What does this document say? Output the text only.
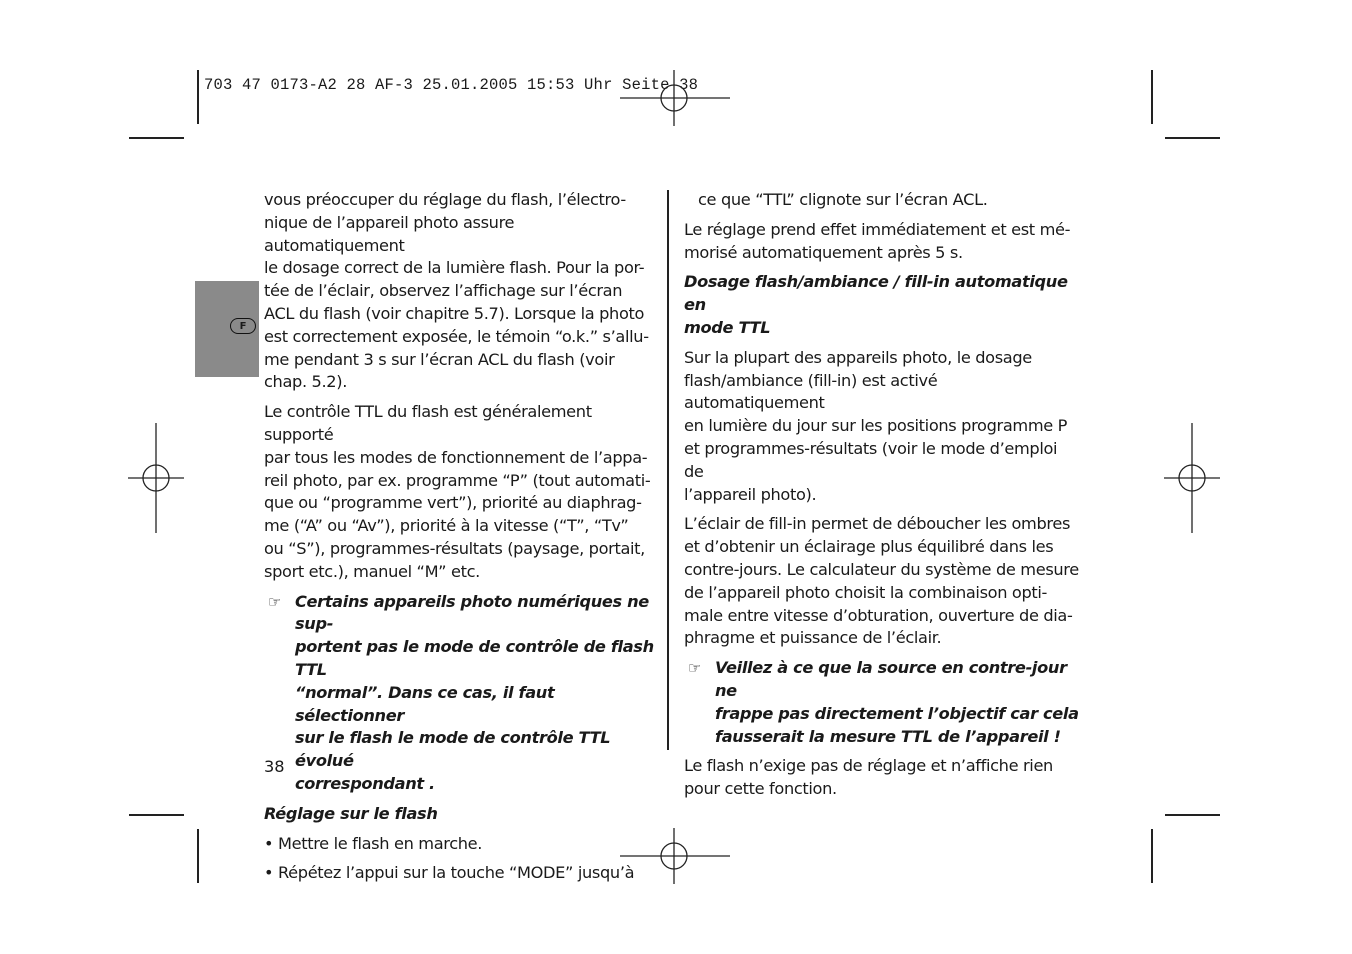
703 47 0173-A2 28 AF-3 25.01.2005 15:53 Uhr Seite 38
F

vous préoccuper du réglage du flash, l’électro-
nique de l’appareil photo assure automatiquement
le dosage correct de la lumière flash. Pour la por-
tée de l’éclair, observez l’affichage sur l’écran
ACL du flash (voir chapitre 5.7). Lorsque la photo
est correctement exposée, le témoin “o.k.” s’allu-
me pendant 3 s sur l’écran ACL du flash (voir
chap. 5.2).

Le contrôle TTL du flash est généralement supporté
par tous les modes de fonctionnement de l’appa-
reil photo, par ex. programme “P” (tout automati-
que ou “programme vert”), priorité au diaphrag-
me (“A” ou “Av”), priorité à la vitesse (“T”, “Tv”
ou “S”), programmes-résultats (paysage, portait,
sport etc.), manuel “M” etc.

☞ Certains appareils photo numériques ne sup-
portent pas le mode de contrôle de flash TTL
“normal”. Dans ce cas, il faut sélectionner
sur le flash le mode de contrôle TTL évolué
correspondant .

Réglage sur le flash

• Mettre le flash en marche.

• Répétez l’appui sur la touche “MODE” jusqu’à

38

ce que “TTL” clignote sur l’écran ACL.

Le réglage prend effet immédiatement et est mé-
morisé automatiquement après 5 s.

Dosage flash/ambiance / fill-in automatique en
mode TTL

Sur la plupart des appareils photo, le dosage
flash/ambiance (fill-in) est activé automatiquement
en lumière du jour sur les positions programme P
et programmes-résultats (voir le mode d’emploi de
l’appareil photo).

L’éclair de fill-in permet de déboucher les ombres
et d’obtenir un éclairage plus équilibré dans les
contre-jours. Le calculateur du système de mesure
de l’appareil photo choisit la combinaison opti-
male entre vitesse d’obturation, ouverture de dia-
phragme et puissance de l’éclair.

☞ Veillez à ce que la source en contre-jour ne
frappe pas directement l’objectif car cela
fausserait la mesure TTL de l’appareil !

Le flash n’exige pas de réglage et n’affiche rien
pour cette fonction.
